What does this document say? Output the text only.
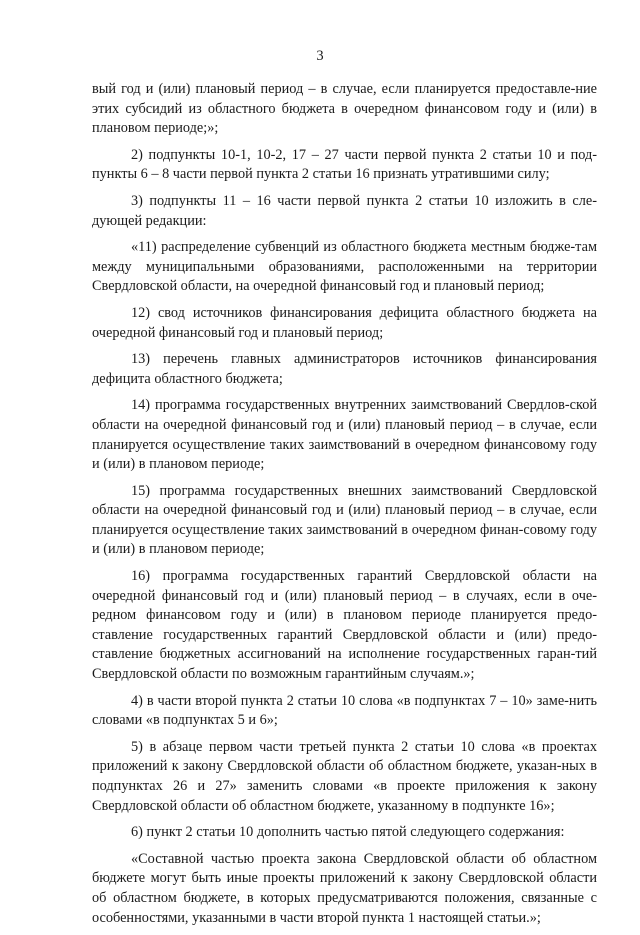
3

вый год и (или) плановый период – в случае, если планируется предоставле-ние этих субсидий из областного бюджета в очередном финансовом году и (или) в плановом периоде;»;

2) подпункты 10-1, 10-2, 17 – 27 части первой пункта 2 статьи 10 и под-пункты 6 – 8 части первой пункта 2 статьи 16 признать утратившими силу;

3) подпункты 11 – 16 части первой пункта 2 статьи 10 изложить в сле-дующей редакции:

«11) распределение субвенций из областного бюджета местным бюдже-там между муниципальными образованиями, расположенными на территории Свердловской области, на очередной финансовый год и плановый период;

12) свод источников финансирования дефицита областного бюджета на очередной финансовый год и плановый период;

13) перечень главных администраторов источников финансирования дефицита областного бюджета;

14) программа государственных внутренних заимствований Свердлов-ской области на очередной финансовый год и (или) плановый период – в случае, если планируется осуществление таких заимствований в очередном финансовому году и (или) в плановом периоде;

15) программа государственных внешних заимствований Свердловской области на очередной финансовый год и (или) плановый период – в случае, если планируется осуществление таких заимствований в очередном финан-совому году и (или) в плановом периоде;

16) программа государственных гарантий Свердловской области на очередной финансовый год и (или) плановый период – в случаях, если в оче-редном финансовом году и (или) в плановом периоде планируется предо-ставление государственных гарантий Свердловской области и (или) предо-ставление бюджетных ассигнований на исполнение государственных гаран-тий Свердловской области по возможным гарантийным случаям.»;

4) в части второй пункта 2 статьи 10 слова «в подпунктах 7 – 10» заме-нить словами «в подпунктах 5 и 6»;

5) в абзаце первом части третьей пункта 2 статьи 10 слова «в проектах приложений к закону Свердловской области об областном бюджете, указан-ных в подпунктах 26 и 27» заменить словами «в проекте приложения к закону Свердловской области об областном бюджете, указанному в подпункте 16»;

6) пункт 2 статьи 10 дополнить частью пятой следующего содержания:

«Составной частью проекта закона Свердловской области об областном бюджете могут быть иные проекты приложений к закону Свердловской области об областном бюджете, в которых предусматриваются положения, связанные с особенностями, указанными в части второй пункта 1 настоящей статьи.»;
